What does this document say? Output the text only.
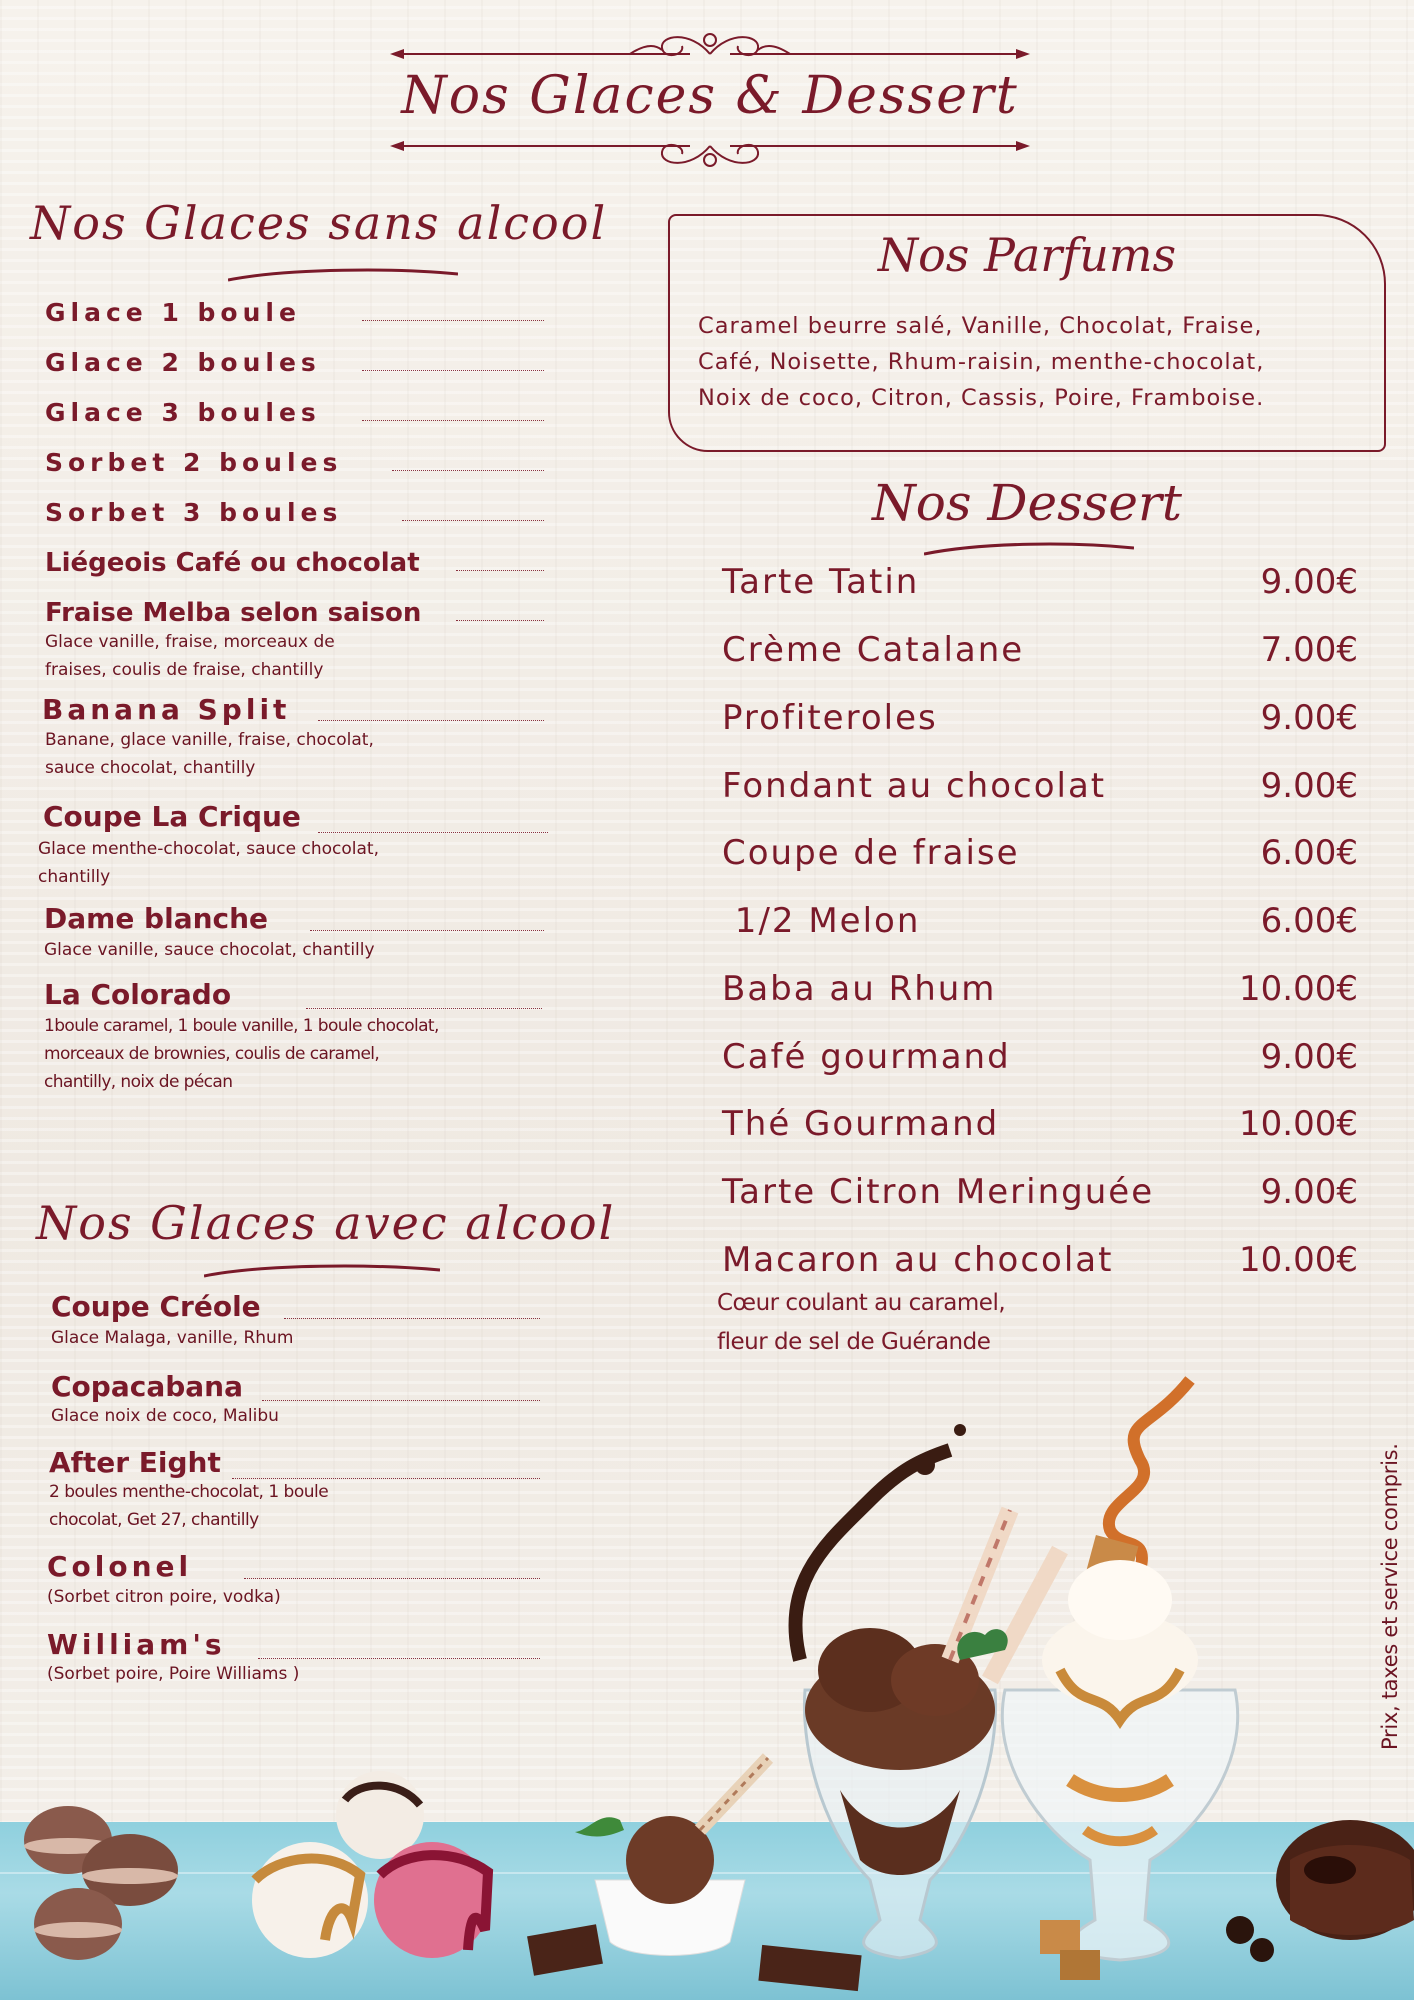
Nos Glaces & Dessert
Nos Glaces sans alcool
Glace 1 boule
Glace 2 boules
Glace 3 boules
Sorbet 2 boules
Sorbet 3 boules
Liégeois Café ou chocolat
Fraise Melba selon saison
Glace vanille, fraise, morceaux de
fraises, coulis de fraise, chantilly
Banana Split
Banane, glace vanille, fraise, chocolat,
sauce chocolat, chantilly
Coupe La Crique
Glace menthe-chocolat, sauce chocolat,
chantilly
Dame blanche
Glace vanille, sauce chocolat, chantilly
La Colorado
1boule caramel, 1 boule vanille, 1 boule chocolat,
morceaux de brownies, coulis de caramel,
chantilly, noix de pécan
Nos Glaces avec alcool
Coupe Créole
Glace Malaga, vanille, Rhum
Copacabana
Glace noix de coco, Malibu
After Eight
2 boules menthe-chocolat, 1 boule
chocolat, Get 27, chantilly
Colonel
(Sorbet citron poire, vodka)
William's
(Sorbet poire, Poire Williams )
Nos Parfums
Caramel beurre salé, Vanille, Chocolat, Fraise,
Café, Noisette, Rhum-raisin, menthe-chocolat,
Noix de coco, Citron, Cassis, Poire, Framboise.
Nos Dessert
Tarte Tatin	9.00€
Crème Catalane	7.00€
Profiteroles	9.00€
Fondant au chocolat	9.00€
Coupe de fraise	6.00€
1/2 Melon	6.00€
Baba au Rhum	10.00€
Café gourmand	9.00€
Thé Gourmand	10.00€
Tarte Citron Meringuée	9.00€
Macaron au chocolat	10.00€
Cœur coulant au caramel,
fleur de sel de Guérande
Prix, taxes et service compris.
